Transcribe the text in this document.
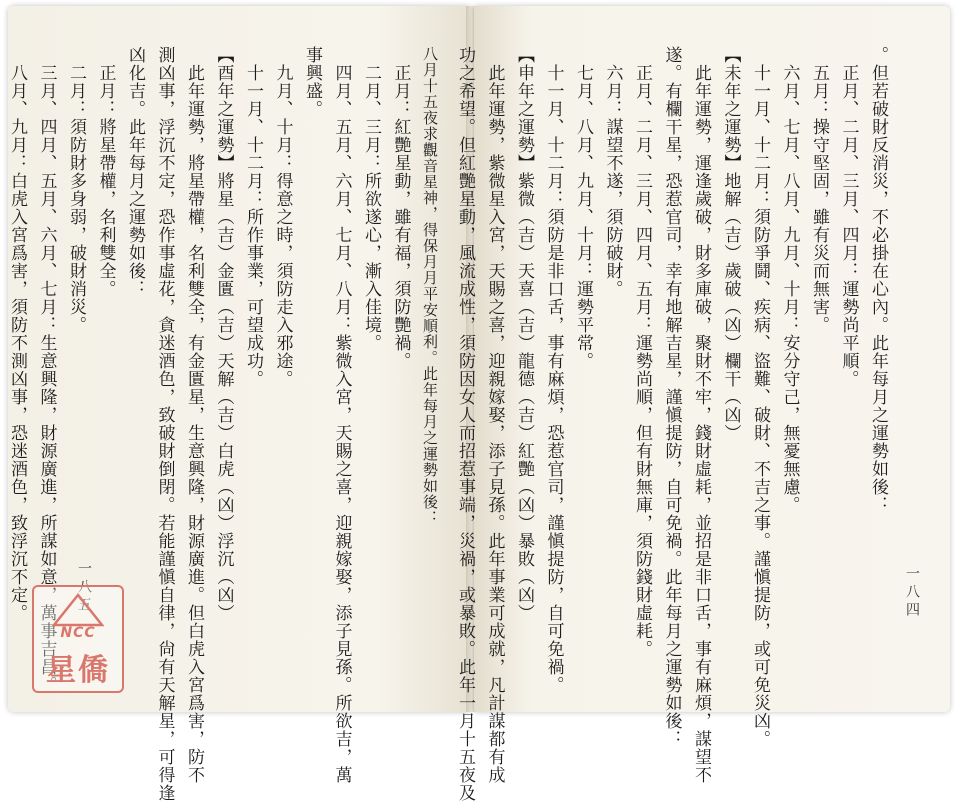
八月十五夜求觀音星神，得保月月平安順利。此年每月之運勢如後：
　正月：紅艷星動，雖有福，須防艷禍。
　二月、三月：所欲遂心，漸入佳境。
　四月、五月、六月、七月、八月：紫微入宮，天賜之喜，迎親嫁娶，添子見孫。所欲吉，萬
事興盛。
　九月、十月：得意之時，須防走入邪途。
　十一月、十二月：所作事業，可望成功。
【酉年之運勢】將星（吉）金匱（吉）天解（吉）白虎（凶）浮沉（凶）
　此年運勢，將星帶權，名利雙全，有金匱星，生意興隆，財源廣進。但白虎入宮爲害，防不
測凶事，浮沉不定，恐作事虛花，貪迷酒色，致破財倒閉。若能謹愼自律，尙有天解星，可得逢
凶化吉。此年每月之運勢如後：
　正月：將星帶權，名利雙全。
　二月：須防財多身弱，破財消災。
　三月、四月、五月、六月、七月：生意興隆，財源廣進，所謀如意，萬事吉昌。
　八月、九月：白虎入宮爲害，須防不測凶事，恐迷酒色，致浮沉不定。	一八五
。但若破財反消災，不必掛在心內。此年每月之運勢如後：
　正月、二月、三月、四月：運勢尚平順。
　五月：操守堅固，雖有災而無害。
　六月、七月、八月、九月、十月：安分守己，無憂無慮。
　十一月、十二月：須防爭鬪、疾病、盜難、破財、不吉之事。謹愼提防，或可免災凶。
【未年之運勢】地解（吉）歲破（凶）欄干（凶）
　此年運勢，運逢歲破，財多庫破，聚財不牢，錢財虛耗，並招是非口舌，事有麻煩，謀望不
遂。有欄干星，恐惹官司，幸有地解吉星，謹愼提防，自可免禍。此年每月之運勢如後：
　正月、二月、三月、四月、五月：運勢尚順，但有財無庫，須防錢財虛耗。
　六月：謀望不遂，須防破財。
　七月、八月、九月、十月：運勢平常。
　十一月、十二月：須防是非口舌，事有麻煩，恐惹官司，謹愼提防，自可免禍。
【申年之運勢】紫微（吉）天喜（吉）龍德（吉）紅艷（凶）暴敗（凶）
　此年運勢，紫微星入宮，天賜之喜，迎親嫁娶，添子見孫。此年事業可成就，凡計謀都有成
功之希望。但紅艷星動，風流成性，須防因女人而招惹事端，災禍，或暴敗。此年一月十五夜及	一八四
NCC
星僑
